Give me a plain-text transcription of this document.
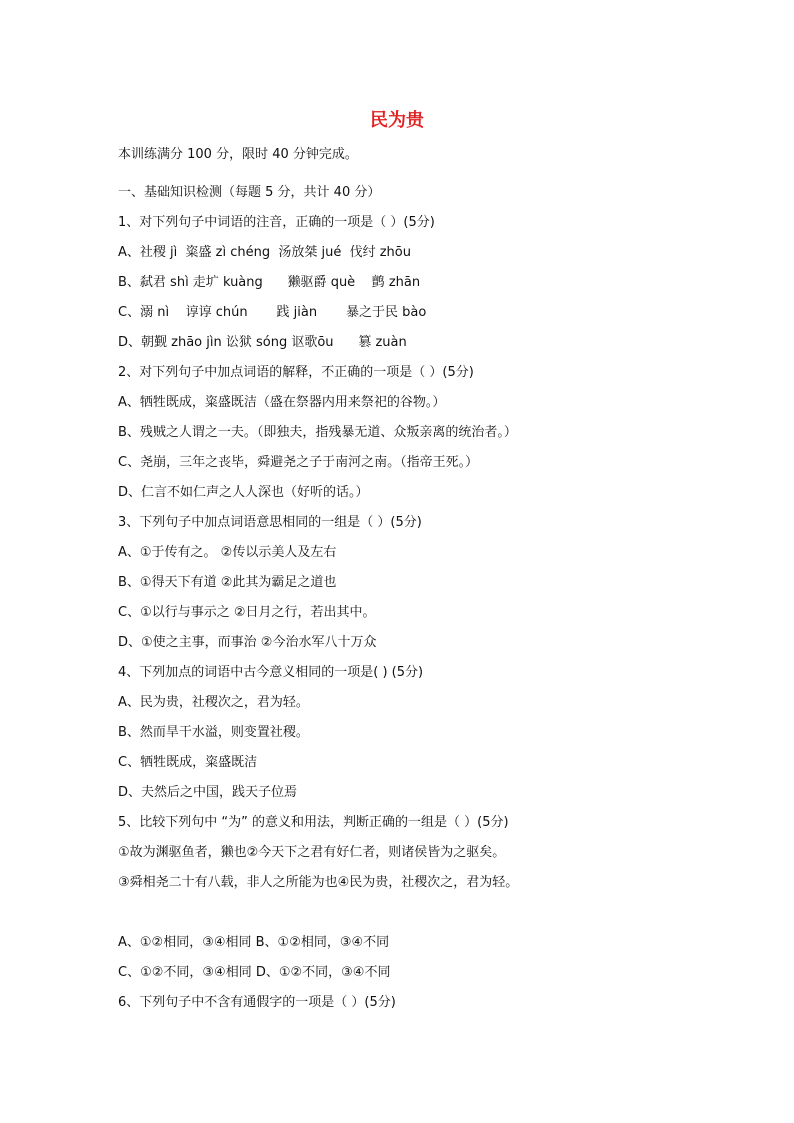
民为贵
本训练满分 100 分，限时 40 分钟完成。
一、基础知识检测（每题 5 分，共计 40 分）
1、对下列句子中词语的注音，正确的一项是（ ）(5分)
A、社稷 jì  粢盛 zì chéng  汤放桀 jué  伐纣 zhōu
B、弑君 shì 走圹 kuàng      獭驱爵 què    鹯 zhān
C、溺 nì    谆谆 chún       践 jiàn       暴之于民 bào
D、朝觐 zhāo jìn 讼狱 sóng 讴歌ōu      篡 zuàn
2、对下列句子中加点词语的解释，不正确的一项是（ ）(5分)
A、牺牲既成，粢盛既洁（盛在祭器内用来祭祀的谷物。）
B、残贼之人谓之一夫。（即独夫，指残暴无道、众叛亲离的统治者。）
C、尧崩，三年之丧毕，舜避尧之子于南河之南。（指帝王死。）
D、仁言不如仁声之人人深也（好听的话。）
3、下列句子中加点词语意思相同的一组是（ ）(5分)
A、①于传有之。 ②传以示美人及左右
B、①得天下有道 ②此其为霸足之道也
C、①以行与事示之 ②日月之行，若出其中。
D、①使之主事，而事治 ②今治水军八十万众
4、下列加点的词语中古今意义相同的一项是( ) (5分)
A、民为贵，社稷次之，君为轻。
B、然而旱干水溢，则变置社稷。
C、牺牲既成，粢盛既洁
D、夫然后之中国，践天子位焉
5、比较下列句中 “为” 的意义和用法，判断正确的一组是（ ）(5分)
①故为渊驱鱼者，獭也②今天下之君有好仁者，则诸侯皆为之驱矣。
③舜相尧二十有八载，非人之所能为也④民为贵，社稷次之，君为轻。
A、①②相同，③④相同 B、①②相同，③④不同
C、①②不同，③④相同 D、①②不同，③④不同
6、下列句子中不含有通假字的一项是（ ）(5分)
